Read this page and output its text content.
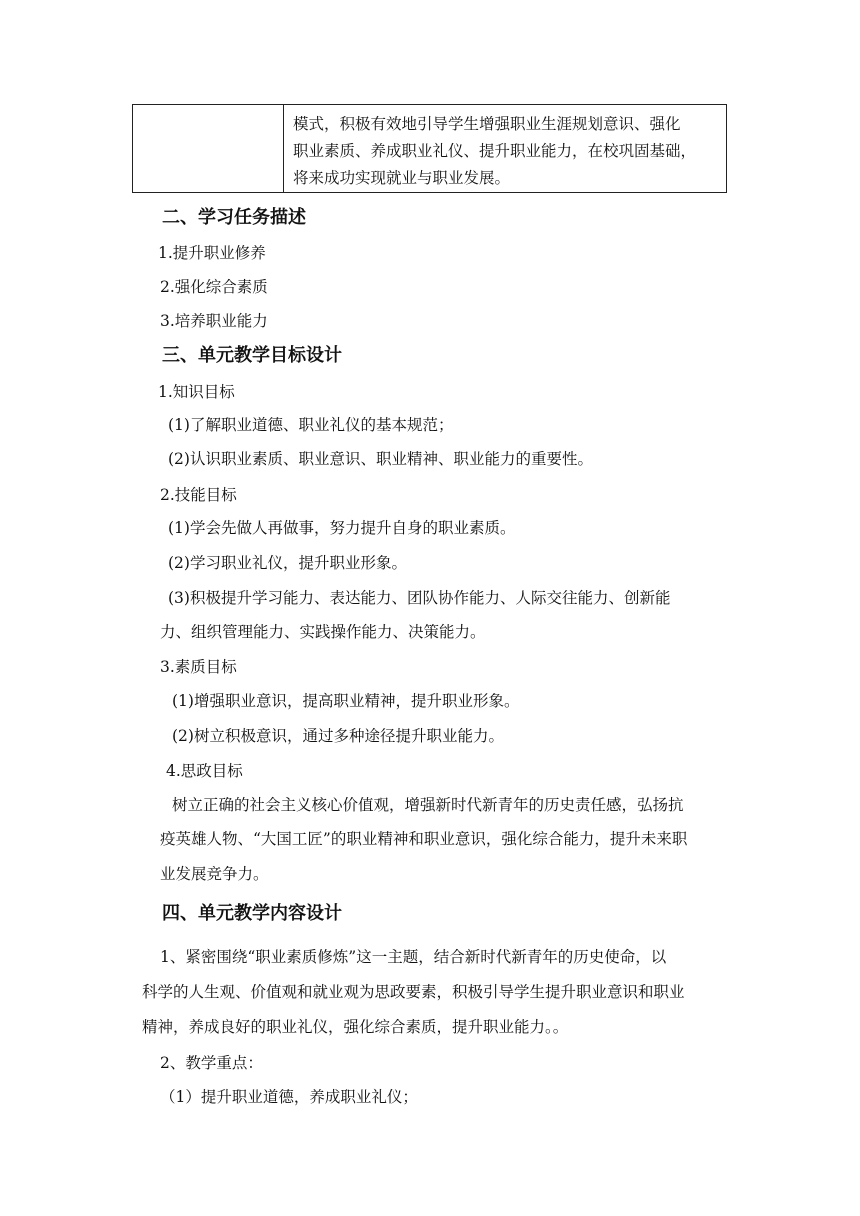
模式，积极有效地引导学生增强职业生涯规划意识、强化
职业素质、养成职业礼仪、提升职业能力，在校巩固基础，
将来成功实现就业与职业发展。
二、学习任务描述
1.提升职业修养
2.强化综合素质
3.培养职业能力
三、单元教学目标设计
1.知识目标
(1)了解职业道德、职业礼仪的基本规范；
(2)认识职业素质、职业意识、职业精神、职业能力的重要性。
2.技能目标
(1)学会先做人再做事，努力提升自身的职业素质。
(2)学习职业礼仪，提升职业形象。
(3)积极提升学习能力、表达能力、团队协作能力、人际交往能力、创新能
力、组织管理能力、实践操作能力、决策能力。
3.素质目标
(1)增强职业意识，提高职业精神，提升职业形象。
(2)树立积极意识，通过多种途径提升职业能力。
4.思政目标
树立正确的社会主义核心价值观，增强新时代新青年的历史责任感，弘扬抗
疫英雄人物、“大国工匠”的职业精神和职业意识，强化综合能力，提升未来职
业发展竞争力。
四、单元教学内容设计
1、紧密围绕“职业素质修炼”这一主题，结合新时代新青年的历史使命，以
科学的人生观、价值观和就业观为思政要素，积极引导学生提升职业意识和职业
精神，养成良好的职业礼仪，强化综合素质，提升职业能力。。
2、教学重点：
（1）提升职业道德，养成职业礼仪；
